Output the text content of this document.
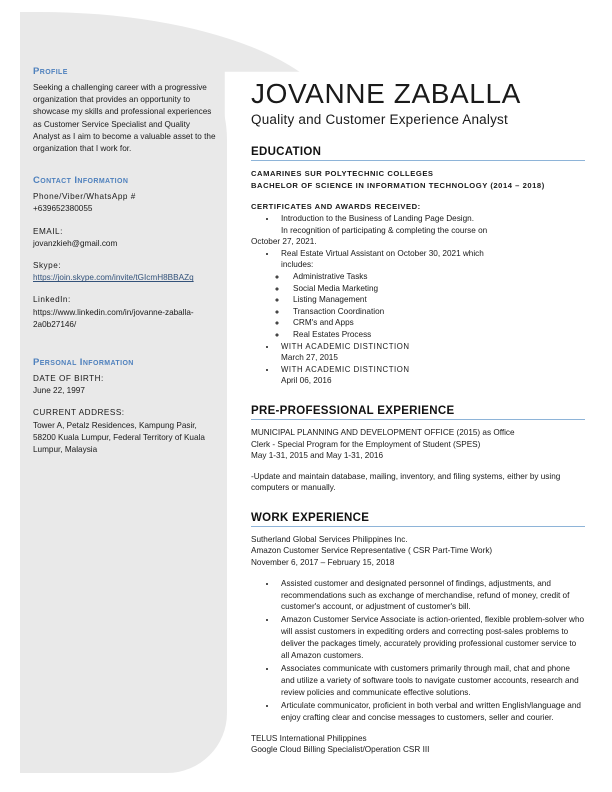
Profile

Seeking a challenging career with a progressive organization that provides an opportunity to showcase my skills and professional experiences as Customer Service Specialist and Quality Analyst as I aim to become a valuable asset to the organization that I work for.

Contact Information

Phone/Viber/WhatsApp #

+639652380055

EMAIL:

jovanzkieh@gmail.com

Skype:

https://join.skype.com/invite/tGIcmH8BBAZq

LinkedIn:

https://www.linkedin.com/in/jovanne-zaballa-2a0b27146/

Personal Information

DATE OF BIRTH:

June 22, 1997

CURRENT ADDRESS:

Tower A, Petalz Residences, Kampung Pasir, 58200 Kuala Lumpur, Federal Territory of Kuala Lumpur, Malaysia

JOVANNE ZABALLA

Quality and Customer Experience Analyst

EDUCATION

CAMARINES SUR POLYTECHNIC COLLEGES

BACHELOR OF SCIENCE IN INFORMATION TECHNOLOGY (2014 – 2018)

CERTIFICATES AND AWARDS RECEIVED:

• Introduction to the Business of Landing Page Design.

In recognition of participating & completing the course on

October 27, 2021.

• Real Estate Virtual Assistant on October 30, 2021 which

includes:

◦ Administrative Tasks
◦ Social Media Marketing
◦ Listing Management
◦ Transaction Coordination
◦ CRM's and Apps
◦ Real Estates Process
• WITH ACADEMIC DISTINCTION

March 27, 2015

• WITH ACADEMIC DISTINCTION

April 06, 2016

PRE-PROFESSIONAL EXPERIENCE

MUNICIPAL PLANNING AND DEVELOPMENT OFFICE (2015) as Office

Clerk - Special Program for the Employment of Student (SPES)

May 1-31, 2015 and May 1-31, 2016

-Update and maintain database, mailing, inventory, and filing systems, either by using computers or manually.

WORK EXPERIENCE

Sutherland Global Services Philippines Inc.

Amazon Customer Service Representative ( CSR Part-Time Work)

November 6, 2017 – February 15, 2018

• Assisted customer and designated personnel of findings, adjustments, and recommendations such as exchange of merchandise, refund of money, credit of customer's account, or adjustment of customer's bill.
• Amazon Customer Service Associate is action-oriented, flexible problem-solver who will assist customers in expediting orders and correcting post-sales problems to deliver the packages timely, accurately providing professional customer service to all Amazon customers.
• Associates communicate with customers primarily through mail, chat and phone and utilize a variety of software tools to navigate customer accounts, research and review policies and communicate effective solutions.
• Articulate communicator, proficient in both verbal and written English/language and enjoy crafting clear and concise messages to customers, seller and courier.

TELUS International Philippines

Google Cloud Billing Specialist/Operation CSR III
